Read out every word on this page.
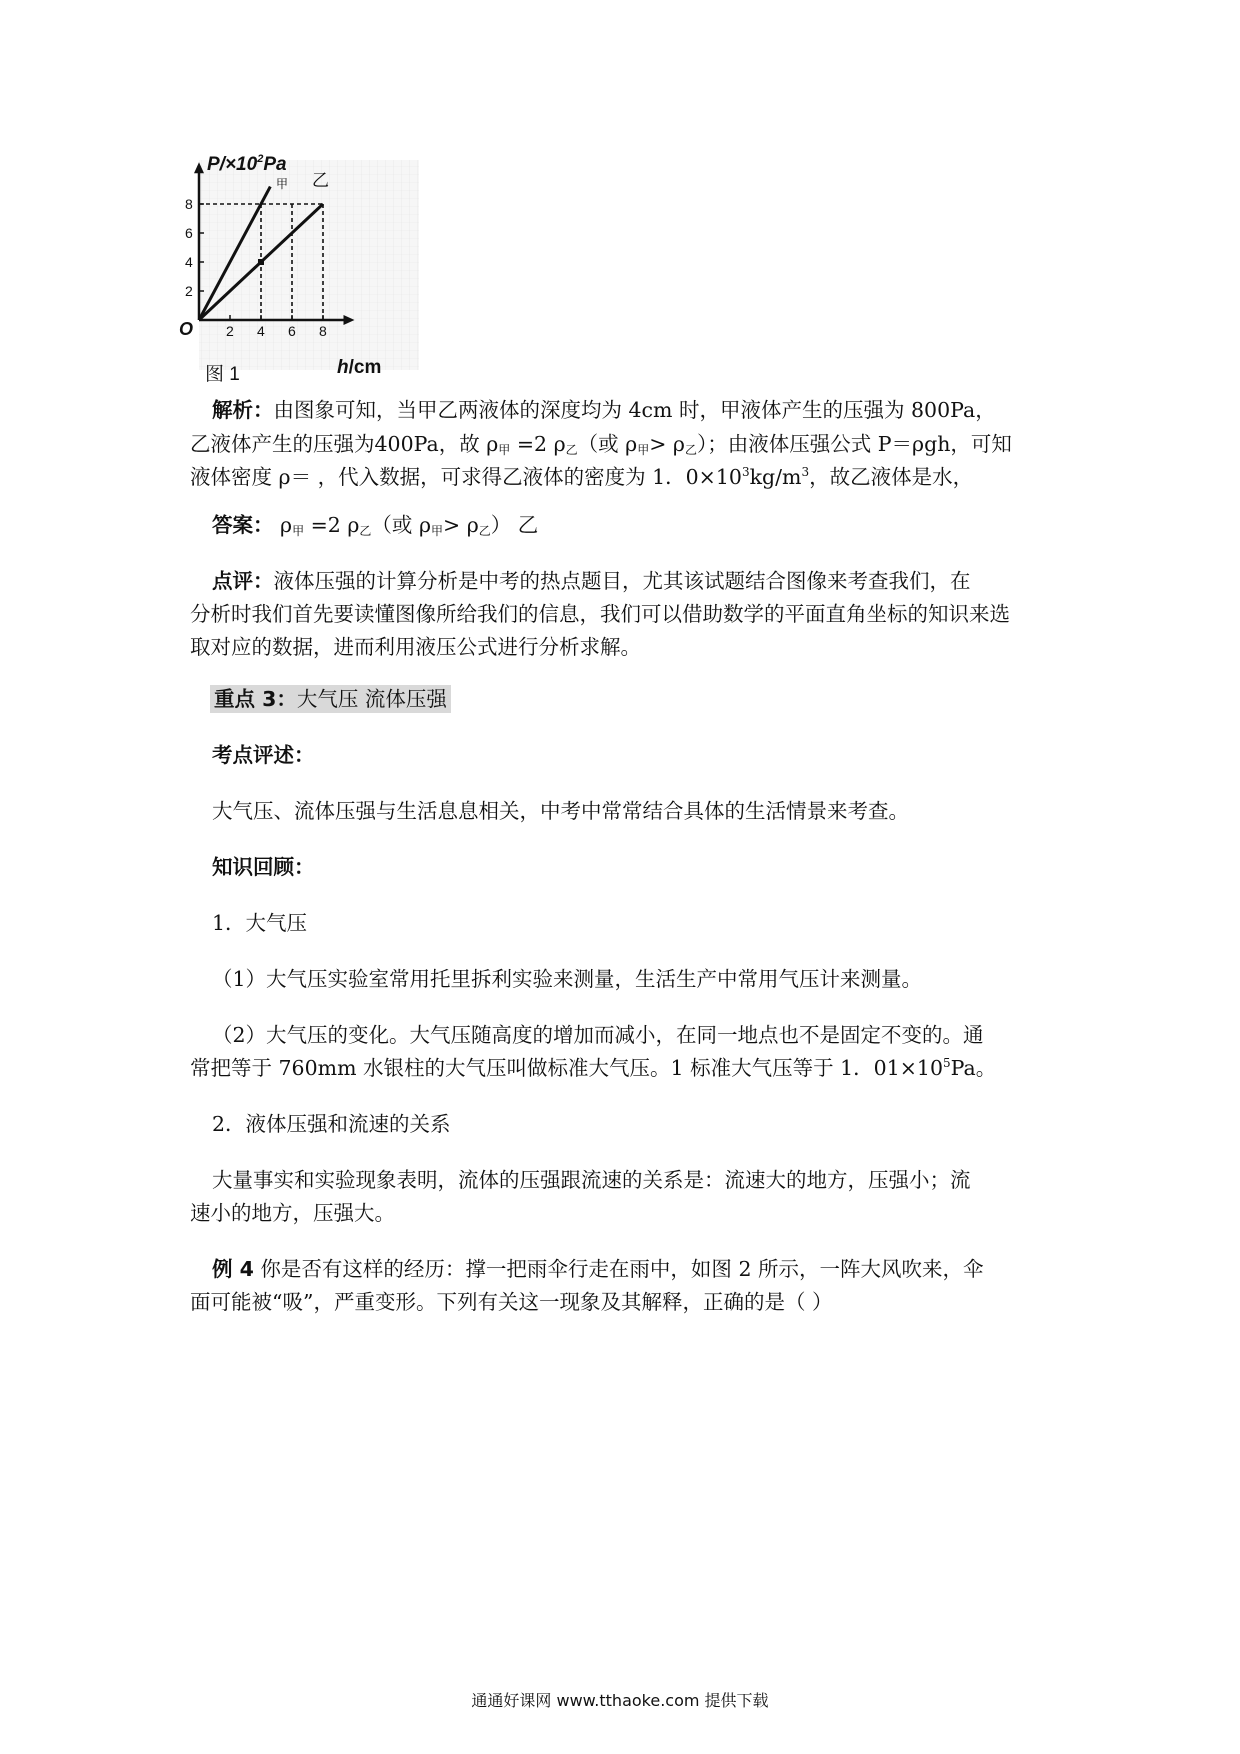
2 4 6 8
2
4
6
8
$P/\times 10^2Pa$
O
图 1	h/cm
甲 乙
解析：由图象可知，当甲乙两液体的深度均为 4cm 时，甲液体产生的压强为 800Pa，
乙液体产生的压强为400Pa，故 $\rho_甲 =2$ $\rho_乙$（或 $\rho_甲> \rho_乙$）；由液体压强公式 P＝ρgh，可知
液体密度 ρ＝ ，代入数据，可求得乙液体的密度为 1．$0\times 10^3kg/m^3$，故乙液体是水，
答案： $\rho_甲 =2$ $\rho_乙$（或 $\rho_甲> \rho_乙$） 乙
点评：液体压强的计算分析是中考的热点题目，尤其该试题结合图像来考查我们，在
分析时我们首先要读懂图像所给我们的信息，我们可以借助数学的平面直角坐标的知识来选
取对应的数据，进而利用液压公式进行分析求解。
重点 3：大气压 流体压强
考点评述：
大气压、流体压强与生活息息相关，中考中常常结合具体的生活情景来考查。
知识回顾：
1．大气压
（1）大气压实验室常用托里拆利实验来测量，生活生产中常用气压计来测量。
（2）大气压的变化。大气压随高度的增加而减小，在同一地点也不是固定不变的。通
常把等于 760mm 水银柱的大气压叫做标准大气压。1 标准大气压等于 1．$01\times 10^5Pa$。
2．液体压强和流速的关系
大量事实和实验现象表明，流体的压强跟流速的关系是：流速大的地方，压强小；流
速小的地方，压强大。
例 4 你是否有这样的经历：撑一把雨伞行走在雨中，如图 2 所示，一阵大风吹来，伞
面可能被“吸”，严重变形。下列有关这一现象及其解释，正确的是（ ）
通通好课网 www.tthaoke.com 提供下载
